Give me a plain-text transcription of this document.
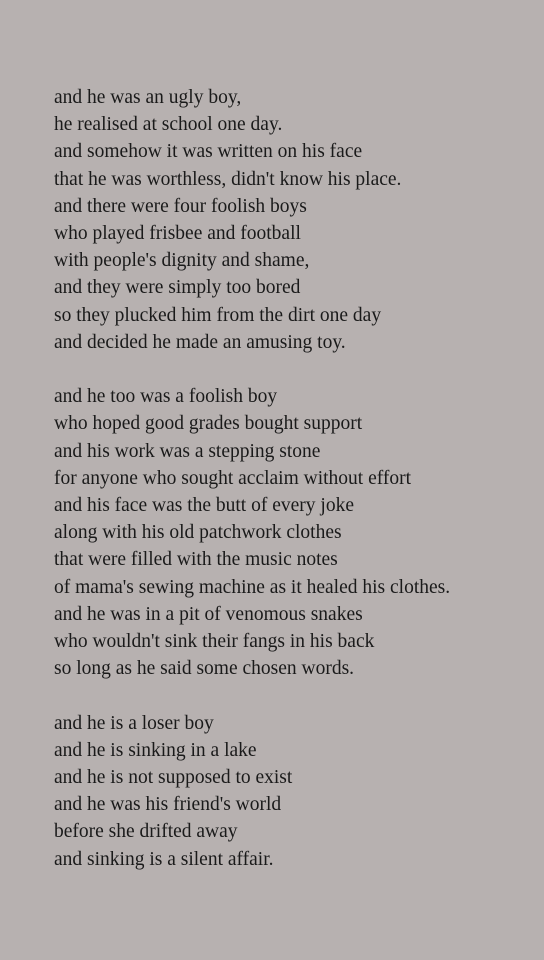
and he was an ugly boy,
he realised at school one day.
and somehow it was written on his face
that he was worthless, didn't know his place.
and there were four foolish boys
who played frisbee and football
with people's dignity and shame,
and they were simply too bored
so they plucked him from the dirt one day
and decided he made an amusing toy.
and he too was a foolish boy
who hoped good grades bought support
and his work was a stepping stone
for anyone who sought acclaim without effort
and his face was the butt of every joke
along with his old patchwork clothes
that were filled with the music notes
of mama's sewing machine as it healed his clothes.
and he was in a pit of venomous snakes
who wouldn't sink their fangs in his back
so long as he said some chosen words.
and he is a loser boy
and he is sinking in a lake
and he is not supposed to exist
and he was his friend's world
before she drifted away
and sinking is a silent affair.
